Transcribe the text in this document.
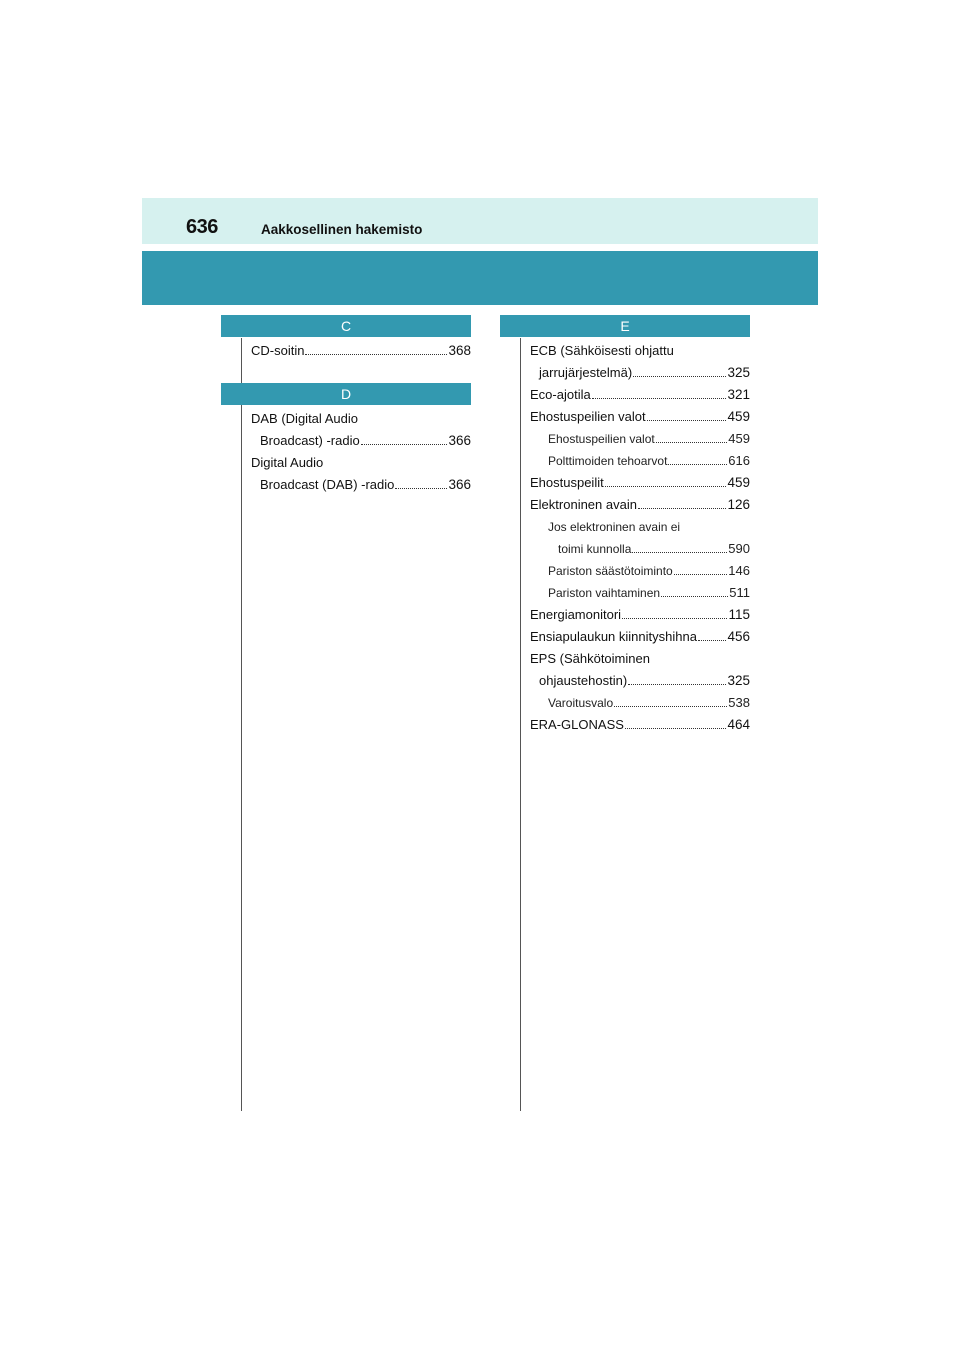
636	Aakkosellinen hakemisto
C
CD-soitin	368
D
DAB (Digital Audio
Broadcast) -radio	366
Digital Audio
Broadcast (DAB) -radio	366
E
ECB (Sähköisesti ohjattu
jarrujärjestelmä)	325
Eco-ajotila	321
Ehostuspeilien valot	459
Ehostuspeilien valot	459
Polttimoiden tehoarvot	616
Ehostuspeilit	459
Elektroninen avain	126
Jos elektroninen avain ei
toimi kunnolla	590
Pariston säästötoiminto	146
Pariston vaihtaminen	511
Energiamonitori	115
Ensiapulaukun kiinnityshihna 456
EPS (Sähkötoiminen
ohjaustehostin)	325
Varoitusvalo	538
ERA-GLONASS	464
